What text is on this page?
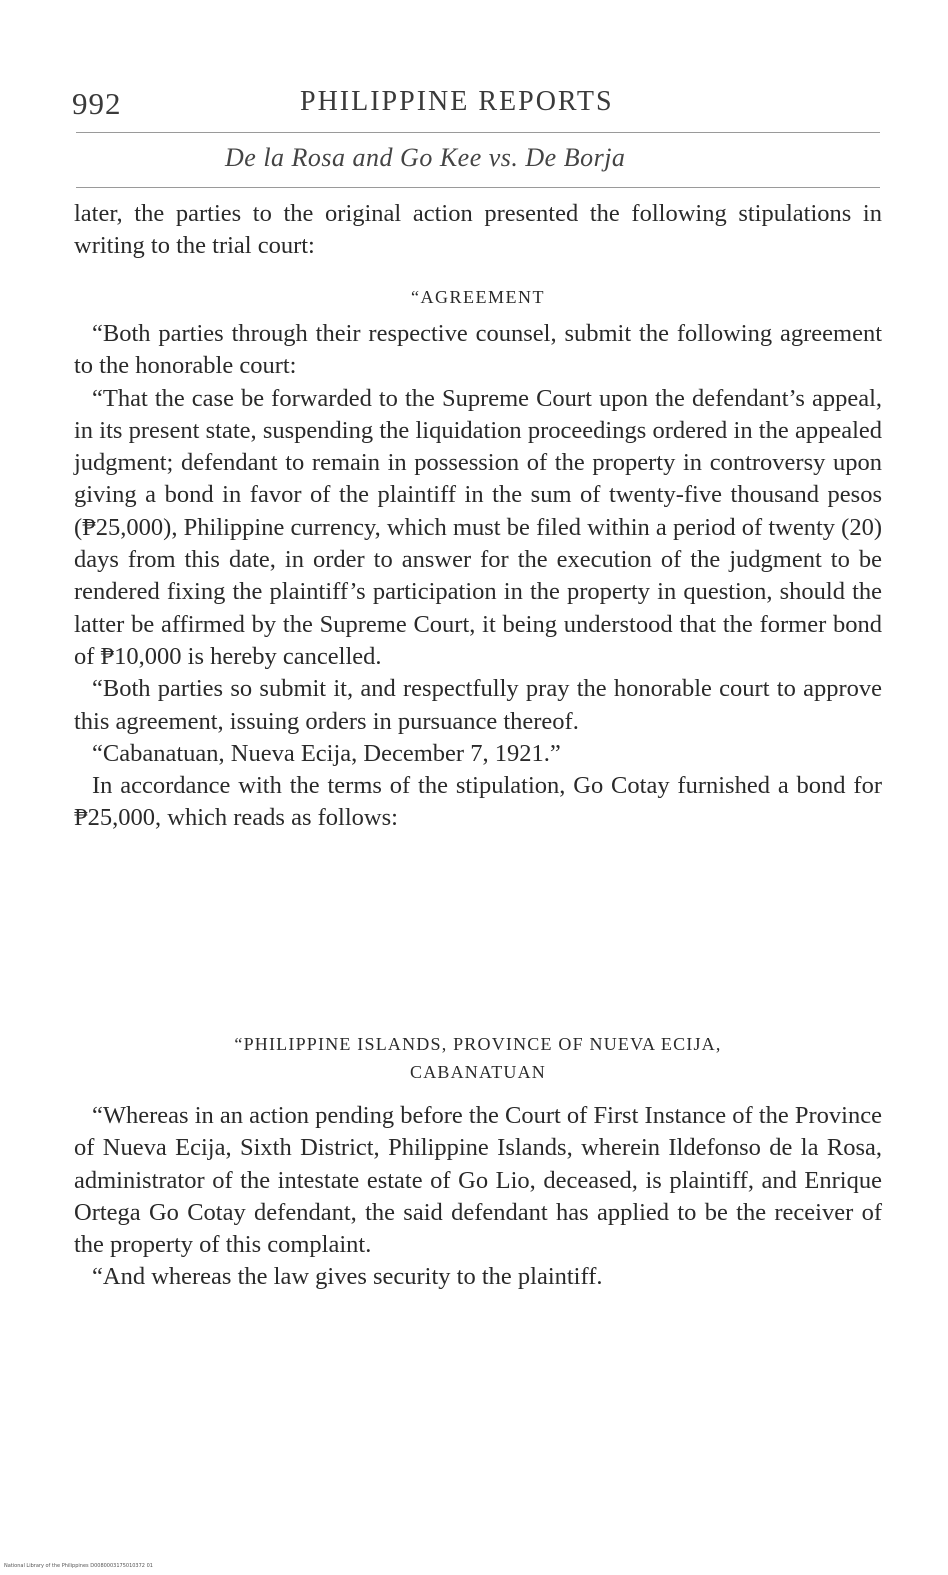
992	PHILIPPINE REPORTS
De la Rosa and Go Kee vs. De Borja

later, the parties to the original action presented the following stipulations in writing to the trial court:

“AGREEMENT

“Both parties through their respective counsel, submit the following agreement to the honorable court:

“That the case be forwarded to the Supreme Court upon the defendant’s appeal, in its present state, suspending the liquidation proceedings ordered in the appealed judgment; defendant to remain in possession of the property in controversy upon giving a bond in favor of the plaintiff in the sum of twenty-five thousand pesos (₱25,000), Philippine currency, which must be filed within a period of twenty (20) days from this date, in order to answer for the execution of the judgment to be rendered fixing the plaintiff’s participation in the property in question, should the latter be affirmed by the Supreme Court, it being understood that the former bond of ₱10,000 is hereby cancelled.

“Both parties so submit it, and respectfully pray the honorable court to approve this agreement, issuing orders in pursuance thereof.

“Cabanatuan, Nueva Ecija, December 7, 1921.”

In accordance with the terms of the stipulation, Go Cotay furnished a bond for ₱25,000, which reads as follows:

“PHILIPPINE ISLANDS, PROVINCE OF NUEVA ECIJA,

CABANATUAN

“Whereas in an action pending before the Court of First Instance of the Province of Nueva Ecija, Sixth District, Philippine Islands, wherein Ildefonso de la Rosa, administrator of the intestate estate of Go Lio, deceased, is plaintiff, and Enrique Ortega Go Cotay defendant, the said defendant has applied to be the receiver of the property of this complaint.

“And whereas the law gives security to the plaintiff.

National Library of the Philippines D0080003175010372 01
